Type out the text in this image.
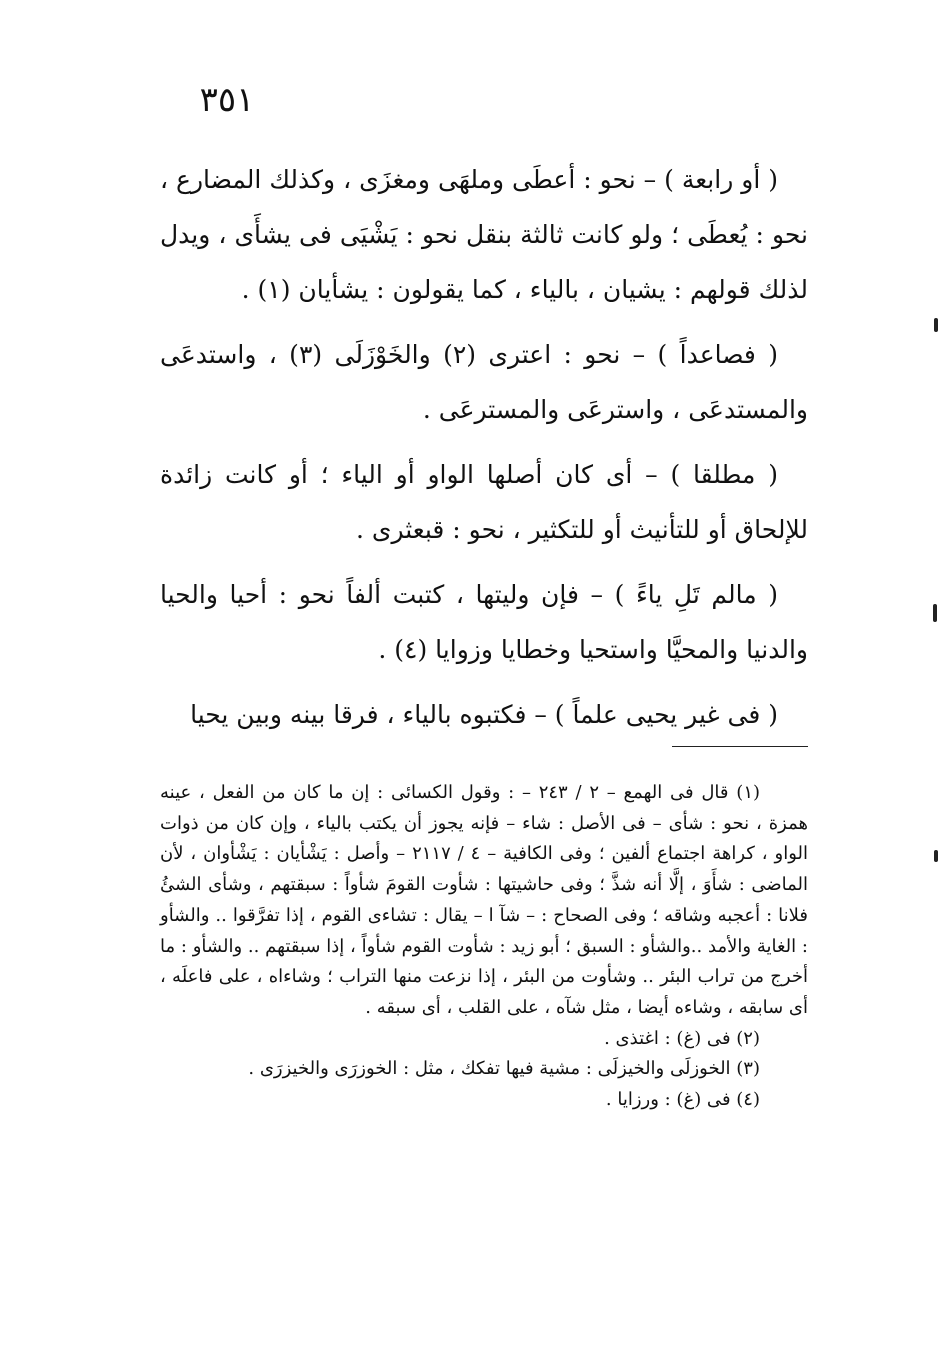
٣٥١

( أو رابعة ) – نحو : أعطَى وملهَى ومغزَى ، وكذلك المضارع ، نحو : يُعطَى ؛ ولو كانت ثالثة بنقل نحو : يَشْيَى فى يشأَى ، ويدل لذلك قولهم : يشيان ، بالياء ، كما يقولون : يشأيان (١) .

( فصاعداً ) – نحو : اعترى (٢) والخَوْزَلَى (٣) ، واستدعَى والمستدعَى ، واسترعَى والمسترعَى .

( مطلقا ) – أى كان أصلها الواو أو الياء ؛ أو كانت زائدة للإلحاق أو للتأنيث أو للتكثير ، نحو : قبعثرى .

( مالم تَلِ ياءً ) – فإن وليتها ، كتبت ألفاً نحو : أحيا والحيا والدنيا والمحيَّا واستحيا وخطايا وزوايا (٤) .

( فى غير يحيى علماً ) – فكتبوه بالياء ، فرقا بينه وبين يحيا

(١) قال فى الهمع – ٢ / ٢٤٣ – : وقول الكسائى : إن ما كان من الفعل ، عينه همزة ، نحو : شأى – فى الأصل : شاء – فإنه يجوز أن يكتب بالياء ، وإن كان من ذوات الواو ، كراهة اجتماع ألفين ؛ وفى الكافية – ٤ / ٢١١٧ – وأصل : يَشْأيان : يَشْأوان ، لأن الماضى : شأَوَ ، إلَّا أنه شذَّ ؛ وفى حاشيتها : شأوت القومَ شأواً : سبقتهم ، وشأى الشئُ فلانا : أعجبه وشاقه ؛ وفى الصحاح : – شآ ا – يقال : تشاءى القوم ، إذا تفرَّقوا .. والشأو : الغاية والأمد ..والشأو : السبق ؛ أبو زيد : شأوت القوم شأواً ، إذا سبقتهم .. والشأو : ما أخرج من تراب البئر .. وشأوت من البئر ، إذا نزعت منها التراب ؛ وشاءاه ، على فاعلَه ، أى سابقه ، وشاءه أيضا ، مثل شآه ، على القلب ، أى سبقه .

(٢) فى (غ) : اغتذى .

(٣) الخوزلَى والخيزلَى : مشية فيها تفكك ، مثل : الخوزرَى والخيزرَى .

(٤) فى (غ) : ورزايا .
